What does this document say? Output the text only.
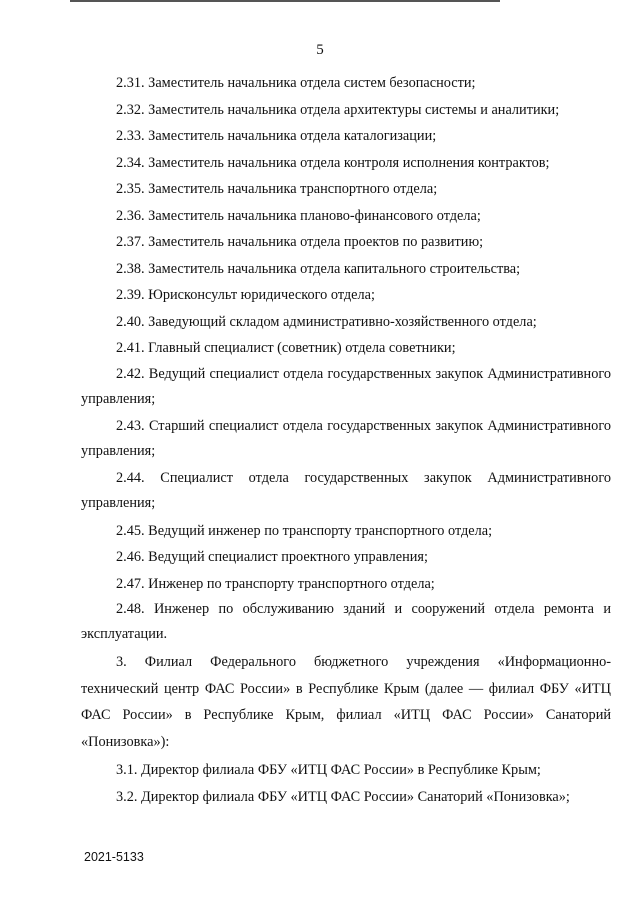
5

2.31. Заместитель начальника отдела систем безопасности;

2.32. Заместитель начальника отдела архитектуры системы и аналитики;

2.33. Заместитель начальника отдела каталогизации;

2.34. Заместитель начальника отдела контроля исполнения контрактов;

2.35. Заместитель начальника транспортного отдела;

2.36. Заместитель начальника планово-финансового отдела;

2.37. Заместитель начальника отдела проектов по развитию;

2.38. Заместитель начальника отдела капитального строительства;

2.39. Юрисконсульт юридического отдела;

2.40. Заведующий складом административно-хозяйственного отдела;

2.41. Главный специалист (советник) отдела советники;

2.42. Ведущий специалист отдела государственных закупок Административного управления;

2.43. Старший специалист отдела государственных закупок Административного управления;

2.44. Специалист отдела государственных закупок Административного управления;

2.45. Ведущий инженер по транспорту транспортного отдела;

2.46. Ведущий специалист проектного управления;

2.47. Инженер по транспорту транспортного отдела;

2.48. Инженер по обслуживанию зданий и сооружений отдела ремонта и эксплуатации.

3. Филиал Федерального бюджетного учреждения «Информационно-технический центр ФАС России» в Республике Крым (далее — филиал ФБУ «ИТЦ ФАС России» в Республике Крым, филиал «ИТЦ ФАС России» Санаторий «Понизовка»):

3.1. Директор филиала ФБУ «ИТЦ ФАС России» в Республике Крым;

3.2. Директор филиала ФБУ «ИТЦ ФАС России» Санаторий «Понизовка»;

2021-5133
